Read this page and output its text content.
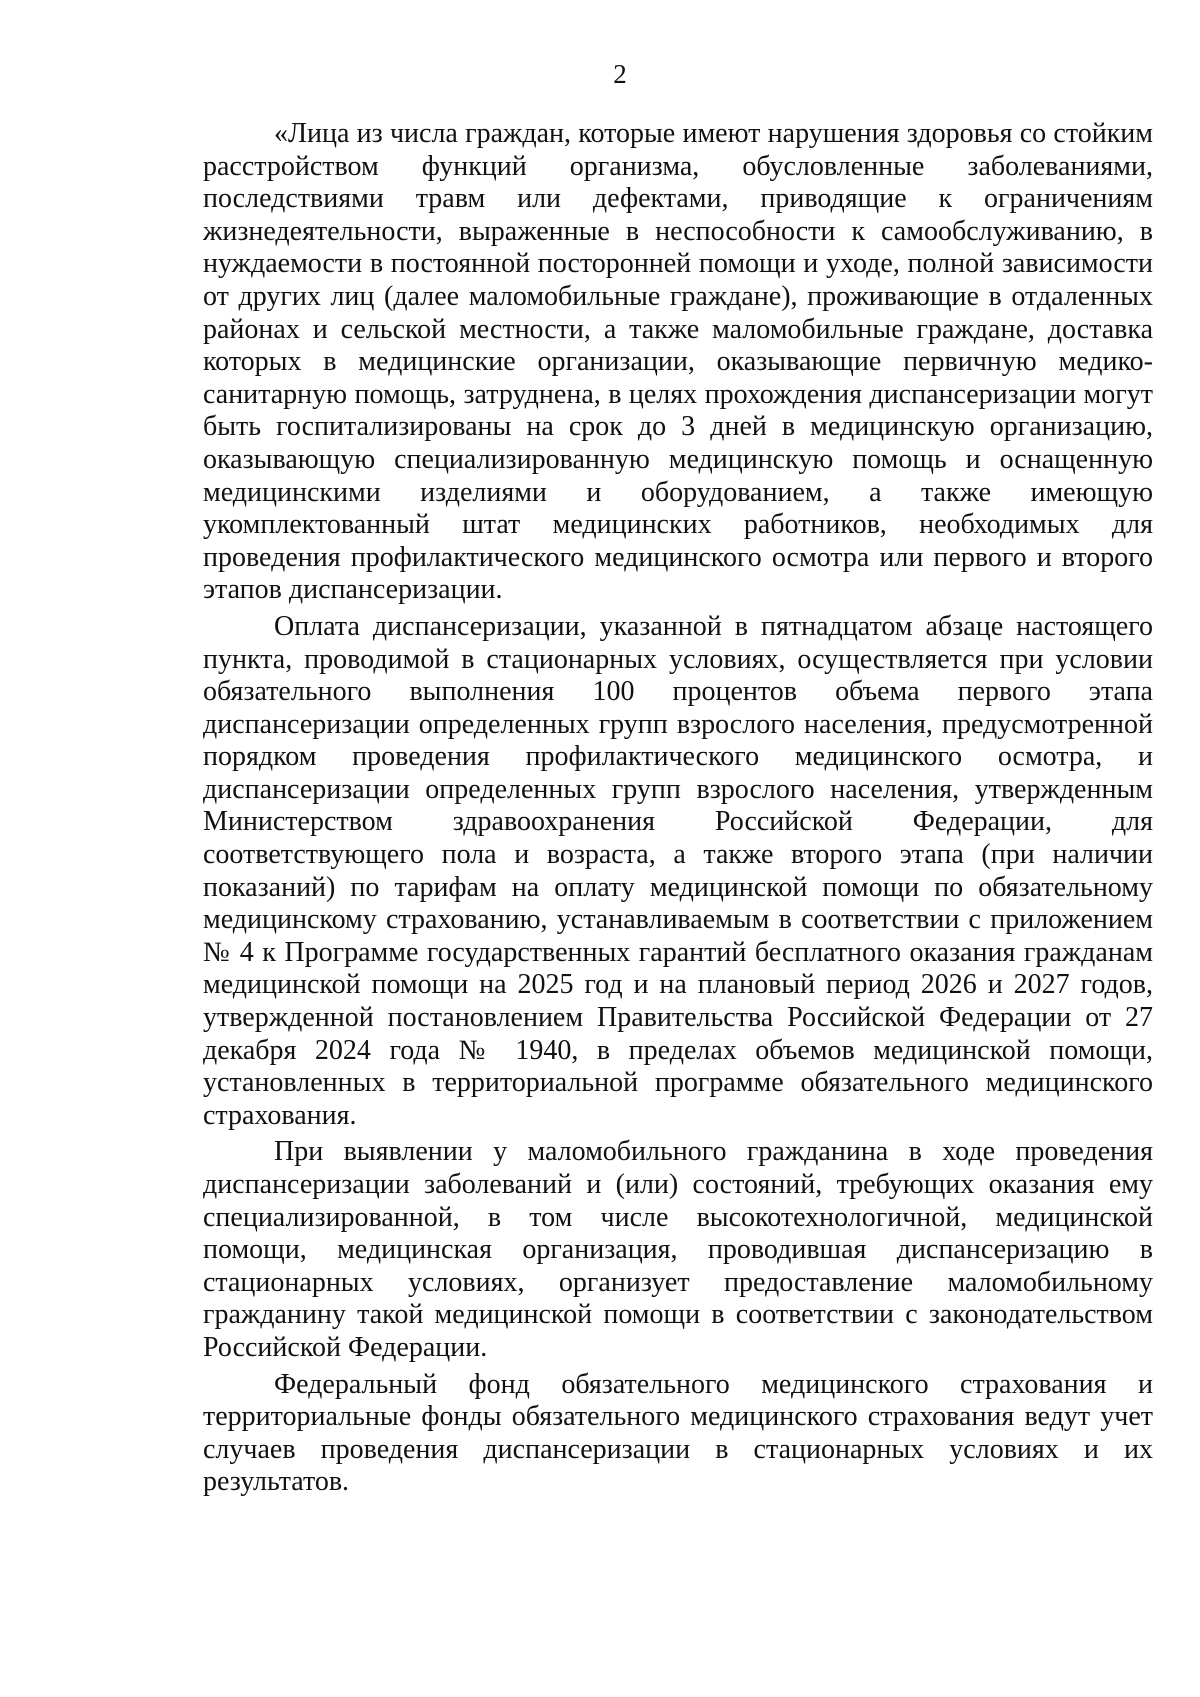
2

«Лица из числа граждан, которые имеют нарушения здоровья со стойким расстройством функций организма, обусловленные заболеваниями, последствиями травм или дефектами, приводящие к ограничениям жизнедеятельности, выраженные в неспособности к самообслуживанию, в нуждаемости в постоянной посторонней помощи и уходе, полной зависимости от других лиц (далее маломобильные граждане), проживающие в отдаленных районах и сельской местности, а также маломобильные граждане, доставка которых в медицинские организации, оказывающие первичную медико-санитарную помощь, затруднена, в целях прохождения диспансеризации могут быть госпитализированы на срок до 3 дней в медицинскую организацию, оказывающую специализированную медицинскую помощь и оснащенную медицинскими изделиями и оборудованием, а также имеющую укомплектованный штат медицинских работников, необходимых для проведения профилактического медицинского осмотра или первого и второго этапов диспансеризации.

Оплата диспансеризации, указанной в пятнадцатом абзаце настоящего пункта, проводимой в стационарных условиях, осуществляется при условии обязательного выполнения 100 процентов объема первого этапа диспансеризации определенных групп взрослого населения, предусмотренной порядком проведения профилактического медицинского осмотра, и диспансеризации определенных групп взрослого населения, утвержденным Министерством здравоохранения Российской Федерации, для соответствующего пола и возраста, а также второго этапа (при наличии показаний) по тарифам на оплату медицинской помощи по обязательному медицинскому страхованию, устанавливаемым в соответствии с приложением № 4 к Программе государственных гарантий бесплатного оказания гражданам медицинской помощи на 2025 год и на плановый период 2026 и 2027 годов, утвержденной постановлением Правительства Российской Федерации от 27 декабря 2024 года № 1940, в пределах объемов медицинской помощи, установленных в территориальной программе обязательного медицинского страхования.

При выявлении у маломобильного гражданина в ходе проведения диспансеризации заболеваний и (или) состояний, требующих оказания ему специализированной, в том числе высокотехнологичной, медицинской помощи, медицинская организация, проводившая диспансеризацию в стационарных условиях, организует предоставление маломобильному гражданину такой медицинской помощи в соответствии с законодательством Российской Федерации.

Федеральный фонд обязательного медицинского страхования и территориальные фонды обязательного медицинского страхования ведут учет случаев проведения диспансеризации в стационарных условиях и их результатов.
